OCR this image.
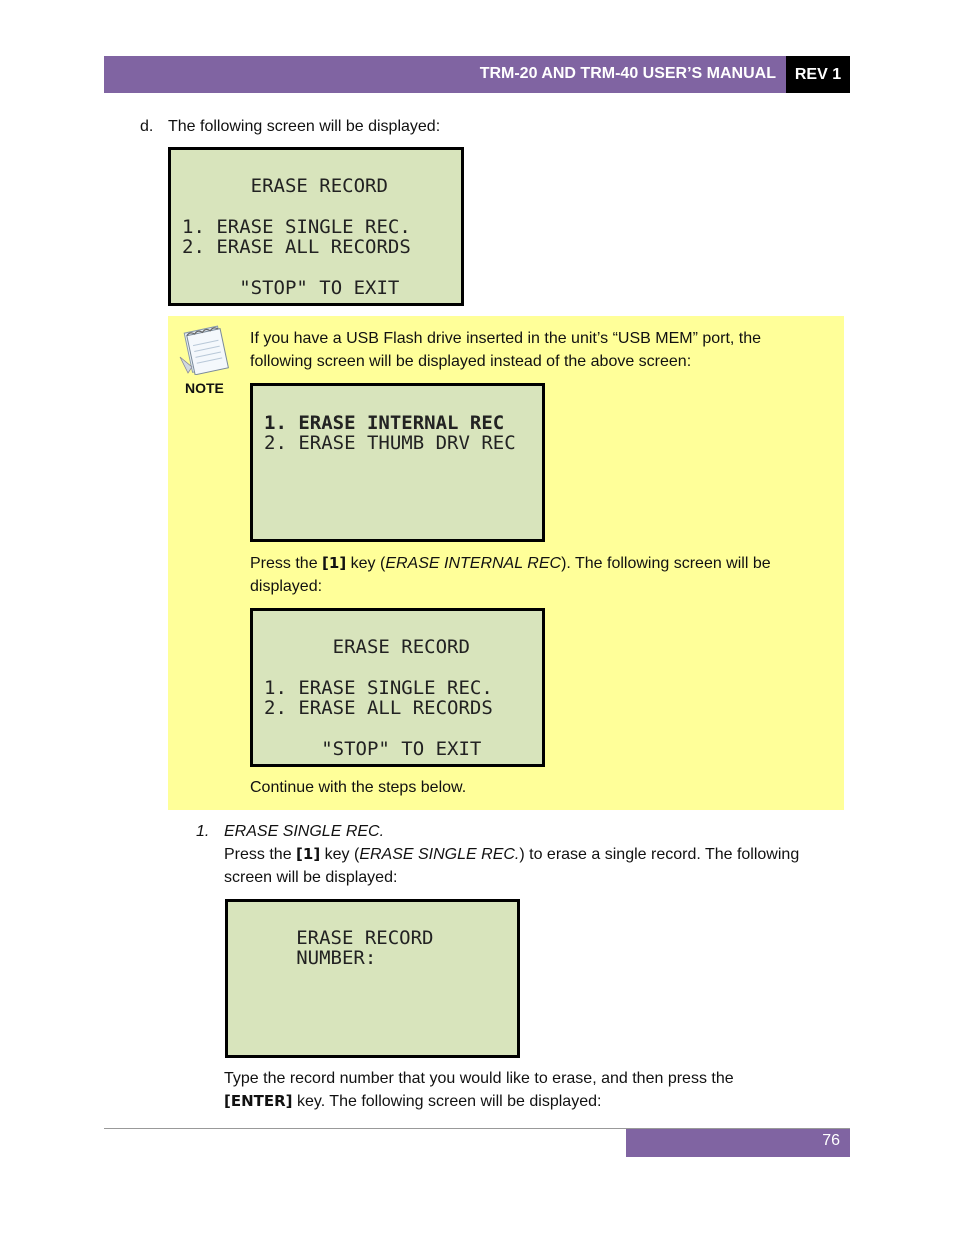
TRM-20 AND TRM-40 USER’S MANUAL	REV 1
d. The following screen will be displayed:

ERASE RECORD

1. ERASE SINGLE REC.
2. ERASE ALL RECORDS

"STOP" TO EXIT

NOTE
If you have a USB Flash drive inserted in the unit’s “USB MEM” port, the
following screen will be displayed instead of the above screen:

1. ERASE INTERNAL REC
2. ERASE THUMB DRV REC

Press the [1] key (ERASE INTERNAL REC). The following screen will be
displayed:

ERASE RECORD

1. ERASE SINGLE REC.
2. ERASE ALL RECORDS

"STOP" TO EXIT

Continue with the steps below.
1. ERASE SINGLE REC.
Press the [1] key (ERASE SINGLE REC.) to erase a single record. The following
screen will be displayed:

ERASE RECORD
NUMBER:

Type the record number that you would like to erase, and then press the
[ENTER] key. The following screen will be displayed:
76
